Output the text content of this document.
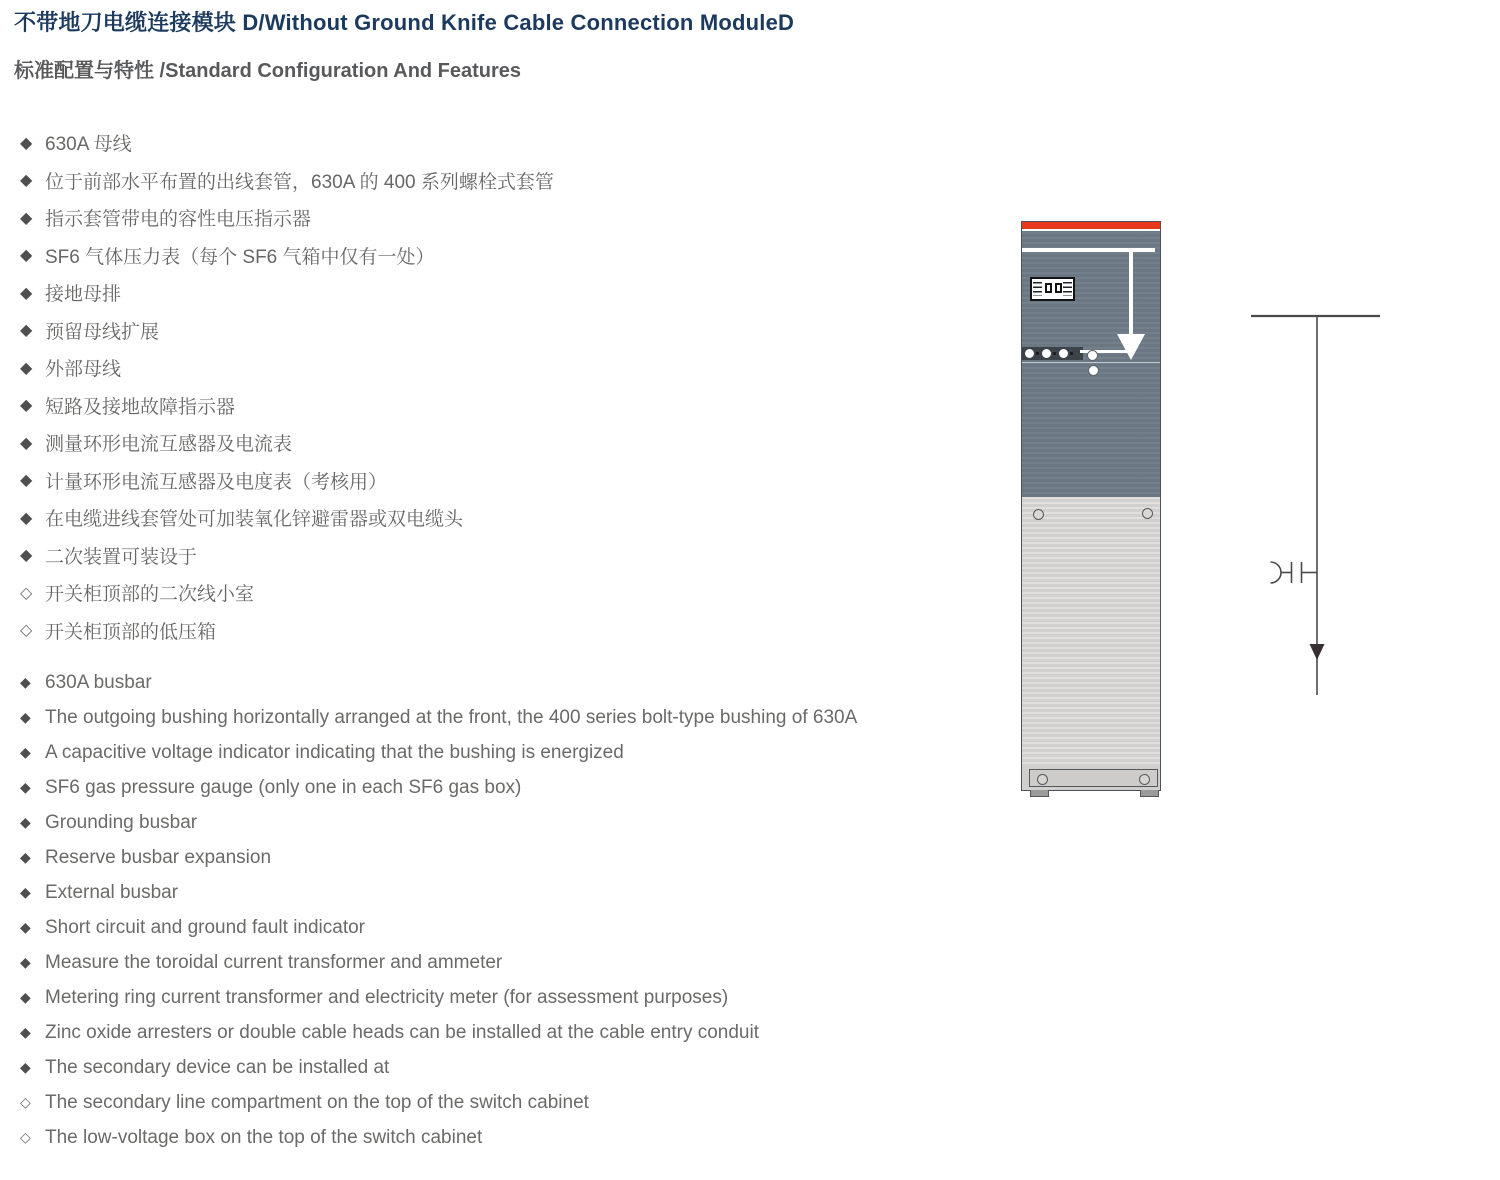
不带地刀电缆连接模块 D/Without Ground Knife Cable Connection ModuleD
标准配置与特性 /Standard Configuration And Features
◆ 630A 母线
◆ 位于前部水平布置的出线套管，630A 的 400 系列螺栓式套管
◆ 指示套管带电的容性电压指示器
◆ SF6 气体压力表（每个 SF6 气箱中仅有一处）
◆ 接地母排
◆ 预留母线扩展
◆ 外部母线
◆ 短路及接地故障指示器
◆ 测量环形电流互感器及电流表
◆ 计量环形电流互感器及电度表（考核用）
◆ 在电缆进线套管处可加装氧化锌避雷器或双电缆头
◆ 二次装置可装设于
◇ 开关柜顶部的二次线小室
◇ 开关柜顶部的低压箱
◆ 630A busbar
◆ The outgoing bushing horizontally arranged at the front, the 400 series bolt-type bushing of 630A
◆ A capacitive voltage indicator indicating that the bushing is energized
◆ SF6 gas pressure gauge (only one in each SF6 gas box)
◆ Grounding busbar
◆ Reserve busbar expansion
◆ External busbar
◆ Short circuit and ground fault indicator
◆ Measure the toroidal current transformer and ammeter
◆ Metering ring current transformer and electricity meter (for assessment purposes)
◆ Zinc oxide arresters or double cable heads can be installed at the cable entry conduit
◆ The secondary device can be installed at
◇ The secondary line compartment on the top of the switch cabinet
◇ The low-voltage box on the top of the switch cabinet
